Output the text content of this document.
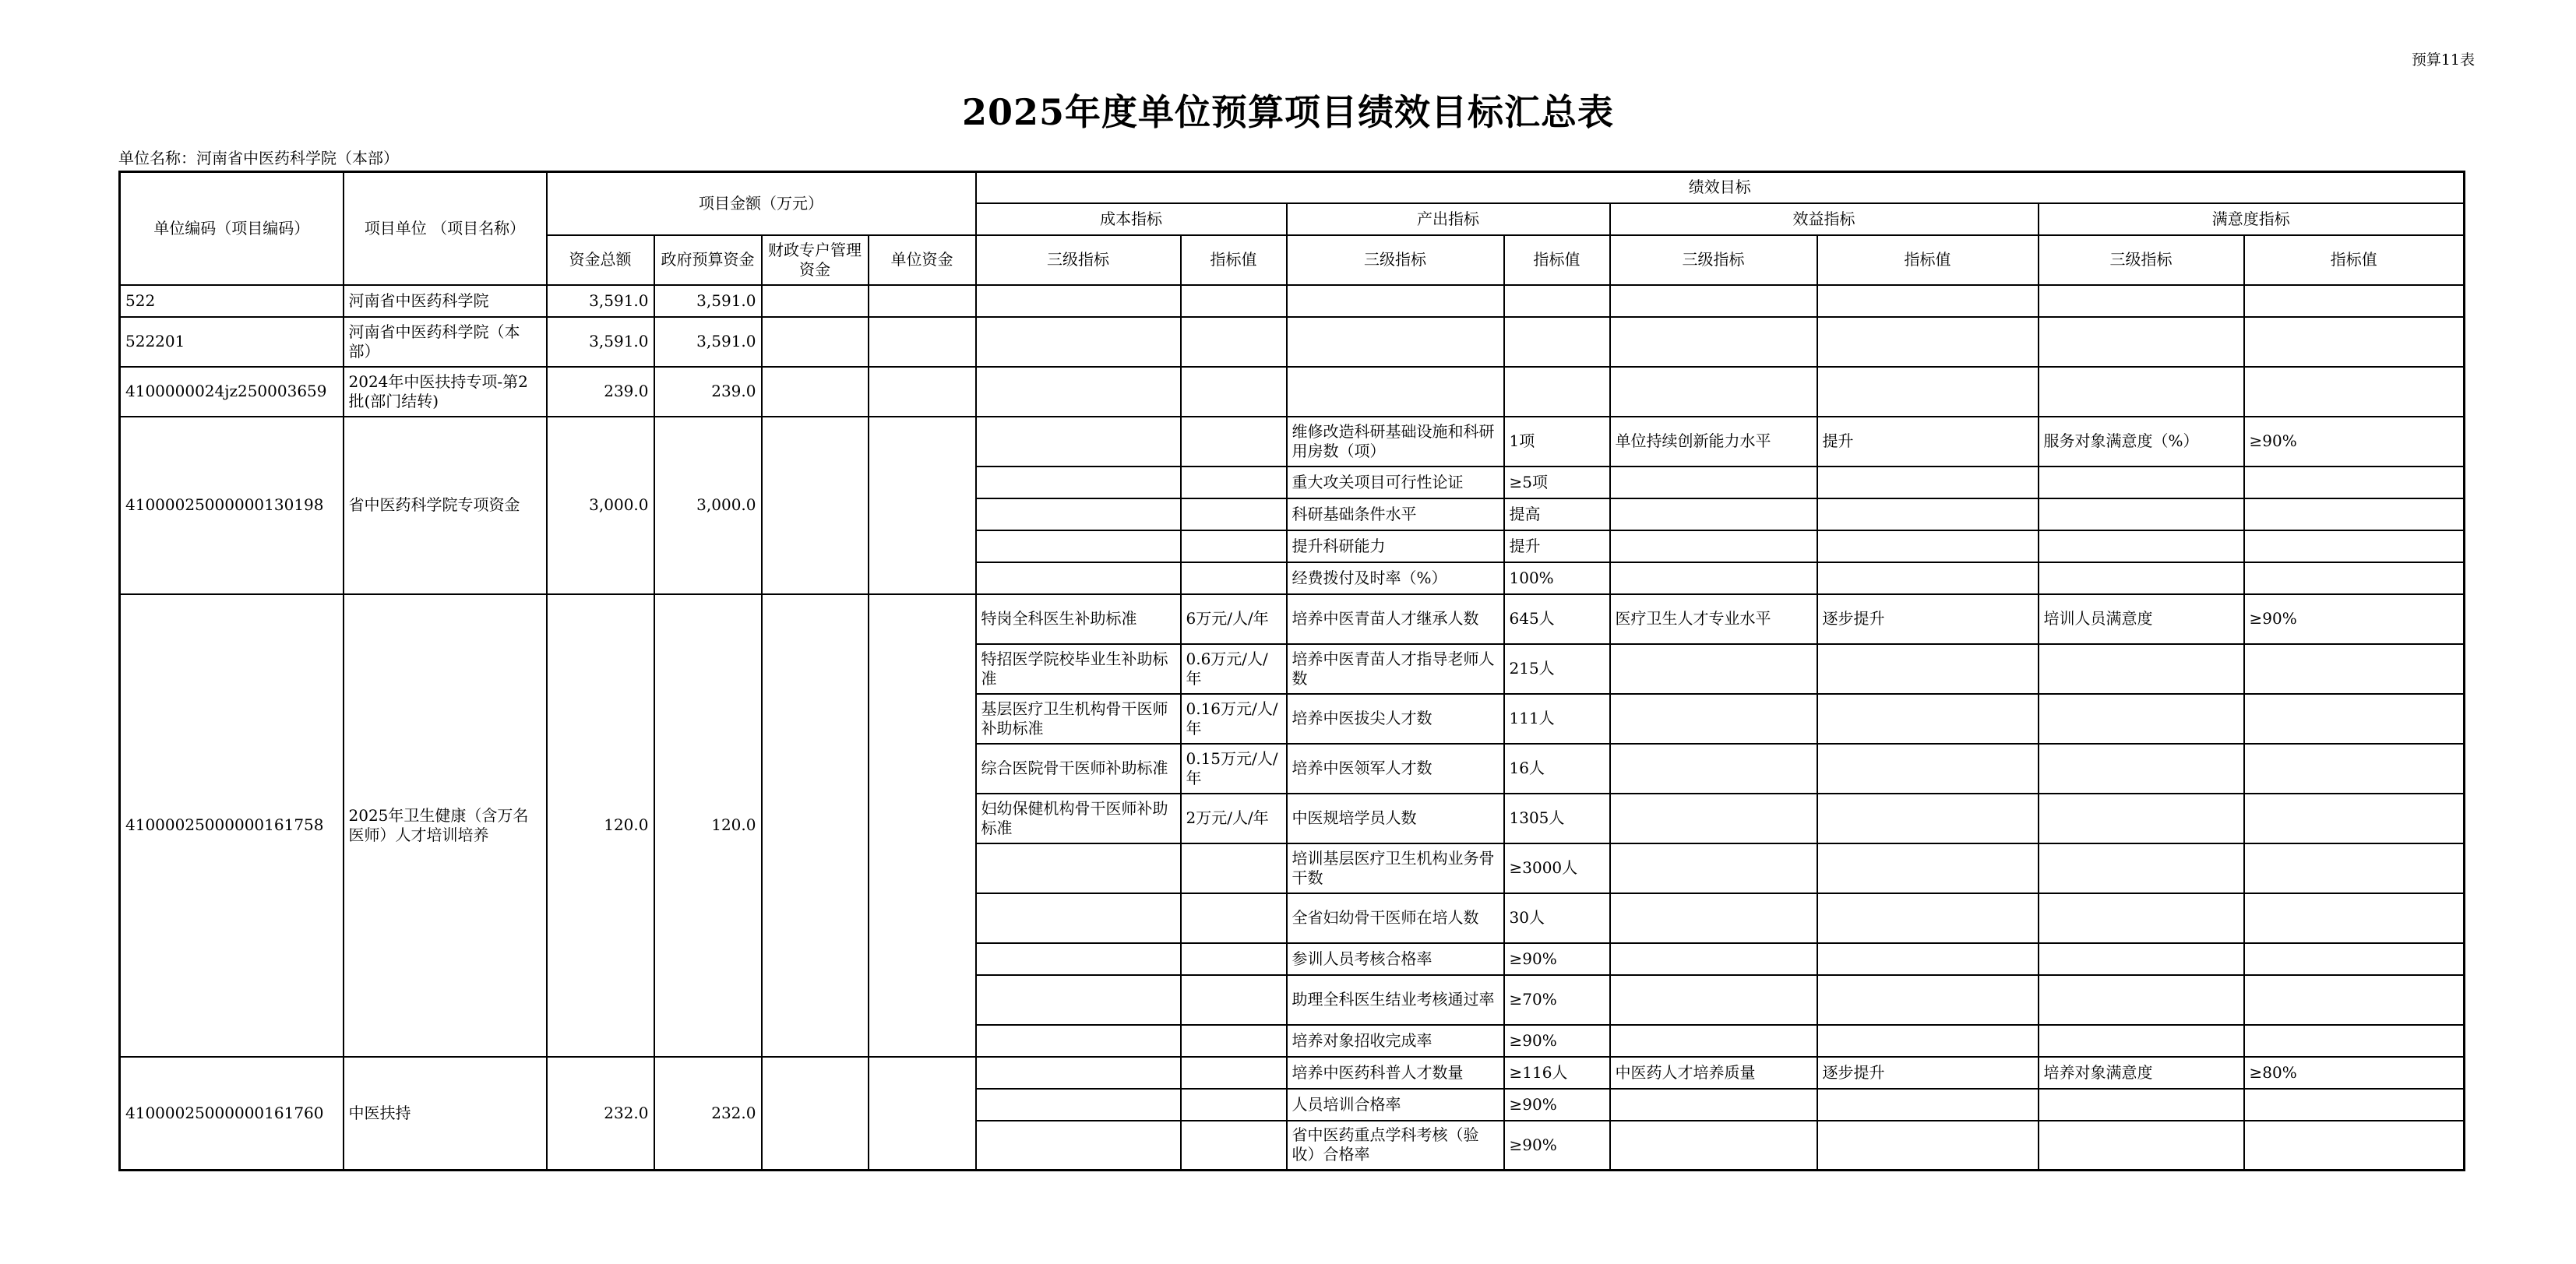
预算11表
2025年度单位预算项目绩效目标汇总表
单位名称：河南省中医药科学院（本部）
单位编码（项目编码）	项目单位 （项目名称）	项目金额（万元）				绩效目标							
						成本指标		产出指标		效益指标		满意度指标	
		资金总额	政府预算资金	财政专户管理资金	单位资金	三级指标	指标值	三级指标	指标值	三级指标	指标值	三级指标	指标值
522	河南省中医药科学院	3,591.0	3,591.0										
522201	河南省中医药科学院（本部）	3,591.0	3,591.0										
4100000024jz250003659	2024年中医扶持专项-第2批(部门结转)	239.0	239.0										
41000025000000130198	省中医药科学院专项资金	3,000.0	3,000.0					维修改造科研基础设施和科研用房数（项）	1项	单位持续创新能力水平	提升	服务对象满意度（%）	≥90%
								重大攻关项目可行性论证	≥5项				
								科研基础条件水平	提高				
								提升科研能力	提升				
								经费拨付及时率（%）	100%				
41000025000000161758	2025年卫生健康（含万名医师）人才培训培养	120.0	120.0			特岗全科医生补助标准	6万元/人/年	培养中医青苗人才继承人数	645人	医疗卫生人才专业水平	逐步提升	培训人员满意度	≥90%
						特招医学院校毕业生补助标准	0.6万元/人/年	培养中医青苗人才指导老师人数	215人				
						基层医疗卫生机构骨干医师补助标准	0.16万元/人/年	培养中医拔尖人才数	111人				
						综合医院骨干医师补助标准	0.15万元/人/年	培养中医领军人才数	16人				
						妇幼保健机构骨干医师补助标准	2万元/人/年	中医规培学员人数	1305人				
								培训基层医疗卫生机构业务骨干数	≥3000人				
								全省妇幼骨干医师在培人数	30人				
								参训人员考核合格率	≥90%				
								助理全科医生结业考核通过率	≥70%				
								培养对象招收完成率	≥90%				
41000025000000161760	中医扶持	232.0	232.0					培养中医药科普人才数量	≥116人	中医药人才培养质量	逐步提升	培养对象满意度	≥80%
								人员培训合格率	≥90%				
								省中医药重点学科考核（验收）合格率	≥90%				
